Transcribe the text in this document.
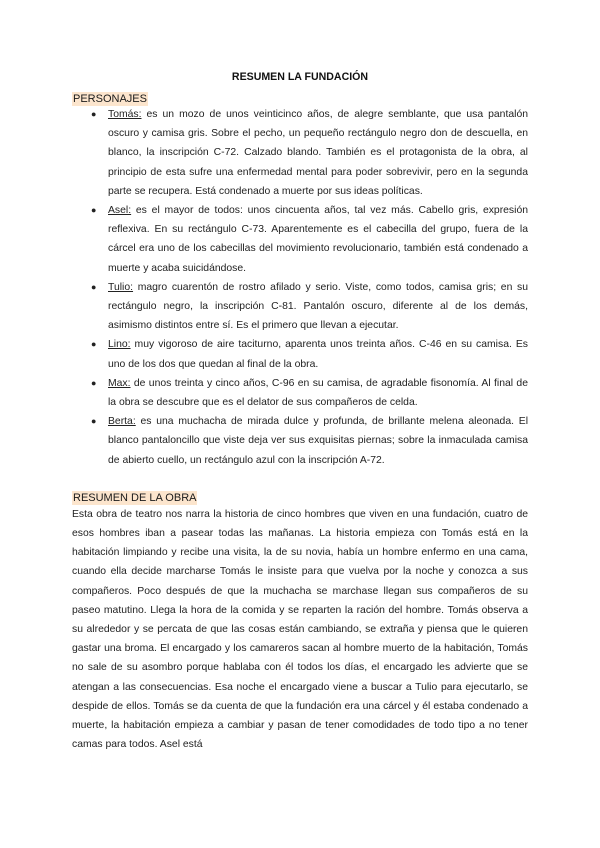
RESUMEN LA FUNDACIÓN
PERSONAJES
● Tomás: es un mozo de unos veinticinco años, de alegre semblante, que usa pantalón oscuro y camisa gris. Sobre el pecho, un pequeño rectángulo negro don de descuella, en blanco, la inscripción C-72. Calzado blando. También es el protagonista de la obra, al principio de esta sufre una enfermedad mental para poder sobrevivir, pero en la segunda parte se recupera. Está condenado a muerte por sus ideas políticas.
● Asel: es el mayor de todos: unos cincuenta años, tal vez más. Cabello gris, expresión reflexiva. En su rectángulo C-73. Aparentemente es el cabecilla del grupo, fuera de la cárcel era uno de los cabecillas del movimiento revolucionario, también está condenado a muerte y acaba suicidándose.
● Tulio: magro cuarentón de rostro afilado y serio. Viste, como todos, camisa gris; en su rectángulo negro, la inscripción C-81. Pantalón oscuro, diferente al de los demás, asimismo distintos entre sí. Es el primero que llevan a ejecutar.
● Lino: muy vigoroso de aire taciturno, aparenta unos treinta años. C-46 en su camisa. Es uno de los dos que quedan al final de la obra.
● Max: de unos treinta y cinco años, C-96 en su camisa, de agradable fisonomía. Al final de la obra se descubre que es el delator de sus compañeros de celda.
● Berta: es una muchacha de mirada dulce y profunda, de brillante melena aleonada. El blanco pantaloncillo que viste deja ver sus exquisitas piernas; sobre la inmaculada camisa de abierto cuello, un rectángulo azul con la inscripción A-72.
RESUMEN DE LA OBRA

Esta obra de teatro nos narra la historia de cinco hombres que viven en una fundación, cuatro de esos hombres iban a pasear todas las mañanas. La historia empieza con Tomás está en la habitación limpiando y recibe una visita, la de su novia, había un hombre enfermo en una cama, cuando ella decide marcharse Tomás le insiste para que vuelva por la noche y conozca a sus compañeros. Poco después de que la muchacha se marchase llegan sus compañeros de su paseo matutino. Llega la hora de la comida y se reparten la ración del hombre. Tomás observa a su alrededor y se percata de que las cosas están cambiando, se extraña y piensa que le quieren gastar una broma. El encargado y los camareros sacan al hombre muerto de la habitación, Tomás no sale de su asombro porque hablaba con él todos los días, el encargado les advierte que se atengan a las consecuencias. Esa noche el encargado viene a buscar a Tulio para ejecutarlo, se despide de ellos. Tomás se da cuenta de que la fundación era una cárcel y él estaba condenado a muerte, la habitación empieza a cambiar y pasan de tener comodidades de todo tipo a no tener camas para todos. Asel está
